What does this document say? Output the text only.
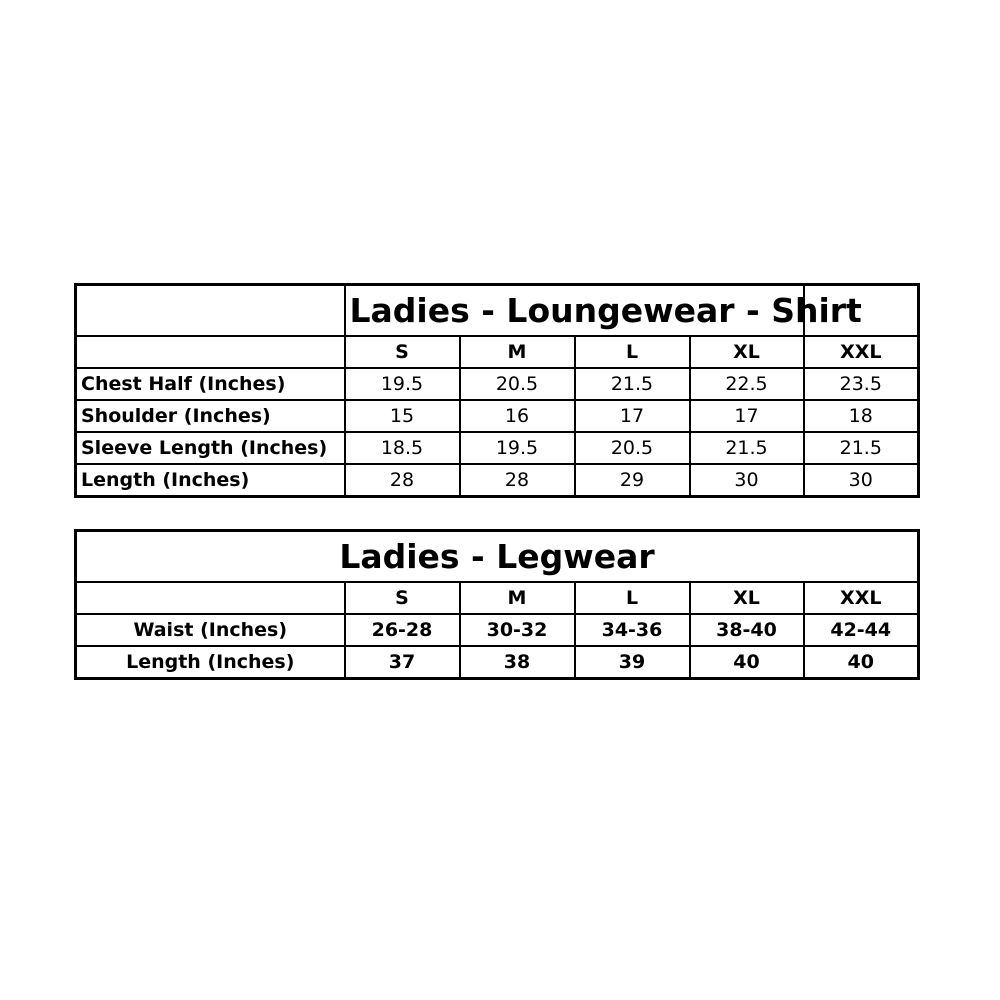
	Ladies - Loungewear - Shirt				
	S	M	L	XL	XXL
Chest Half (Inches)	19.5	20.5	21.5	22.5	23.5
Shoulder (Inches)	15	16	17	17	18
Sleeve Length (Inches)	18.5	19.5	20.5	21.5	21.5
Length (Inches)	28	28	29	30	30
Ladies - Legwear					
	S	M	L	XL	XXL
Waist (Inches)	26-28	30-32	34-36	38-40	42-44
Length (Inches)	37	38	39	40	40
